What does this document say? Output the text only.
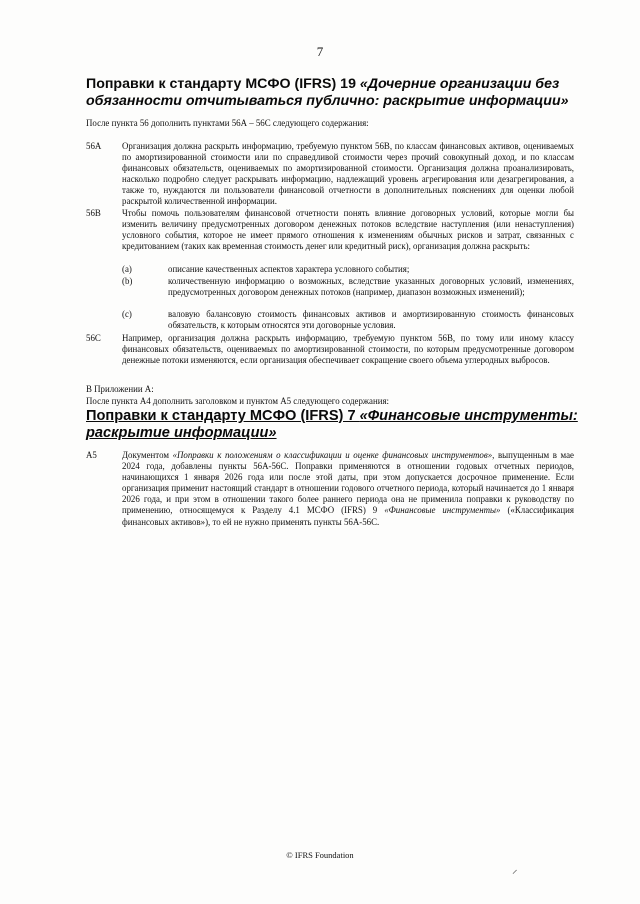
7
Поправки к стандарту МСФО (IFRS) 19 «Дочерние организации без обязанности отчитываться публично: раскрытие информации»
После пункта 56 дополнить пунктами 56А – 56С следующего содержания:
56А Организация должна раскрыть информацию, требуемую пунктом 56В, по классам финансовых активов, оцениваемых по амортизированной стоимости или по справедливой стоимости через прочий совокупный доход, и по классам финансовых обязательств, оцениваемых по амортизированной стоимости. Организация должна проанализировать, насколько подробно следует раскрывать информацию, надлежащий уровень агрегирования или дезагрегирования, а также то, нуждаются ли пользователи финансовой отчетности в дополнительных пояснениях для оценки любой раскрытой количественной информации.
56В Чтобы помочь пользователям финансовой отчетности понять влияние договорных условий, которые могли бы изменить величину предусмотренных договором денежных потоков вследствие наступления (или ненаступления) условного события, которое не имеет прямого отношения к изменениям обычных рисков и затрат, связанных с кредитованием (таких как временная стоимость денег или кредитный риск), организация должна раскрыть:
(а)	описание качественных аспектов характера условного события;
(b)	количественную информацию о возможных, вследствие указанных договорных условий, изменениях, предусмотренных договором денежных потоков (например, диапазон возможных изменений);
(с)	валовую балансовую стоимость финансовых активов и амортизированную стоимость финансовых обязательств, к которым относятся эти договорные условия.
56С Например, организация должна раскрыть информацию, требуемую пунктом 56В, по тому или иному классу финансовых обязательств, оцениваемых по амортизированной стоимости, по которым предусмотренные договором денежные потоки изменяются, если организация обеспечивает сокращение своего объема углеродных выбросов.
В Приложении А:
После пункта А4 дополнить заголовком и пунктом А5 следующего содержания:
Поправки к стандарту МСФО (IFRS) 7 «Финансовые инструменты: раскрытие информации»
А5	Документом «Поправки к положениям о классификации и оценке финансовых инструментов», выпущенным в мае 2024 года, добавлены пункты 56А-56С. Поправки применяются в отношении годовых отчетных периодов, начинающихся 1 января 2026 года или после этой даты, при этом допускается досрочное применение. Если организация применит настоящий стандарт в отношении годового отчетного периода, который начинается до 1 января 2026 года, и при этом в отношении такого более раннего периода она не применила поправки к руководству по применению, относящемуся к Разделу 4.1 МСФО (IFRS) 9 «Финансовые инструменты» («Классификация финансовых активов»), то ей не нужно применять пункты 56А-56С.
© IFRS Foundation
⸝
